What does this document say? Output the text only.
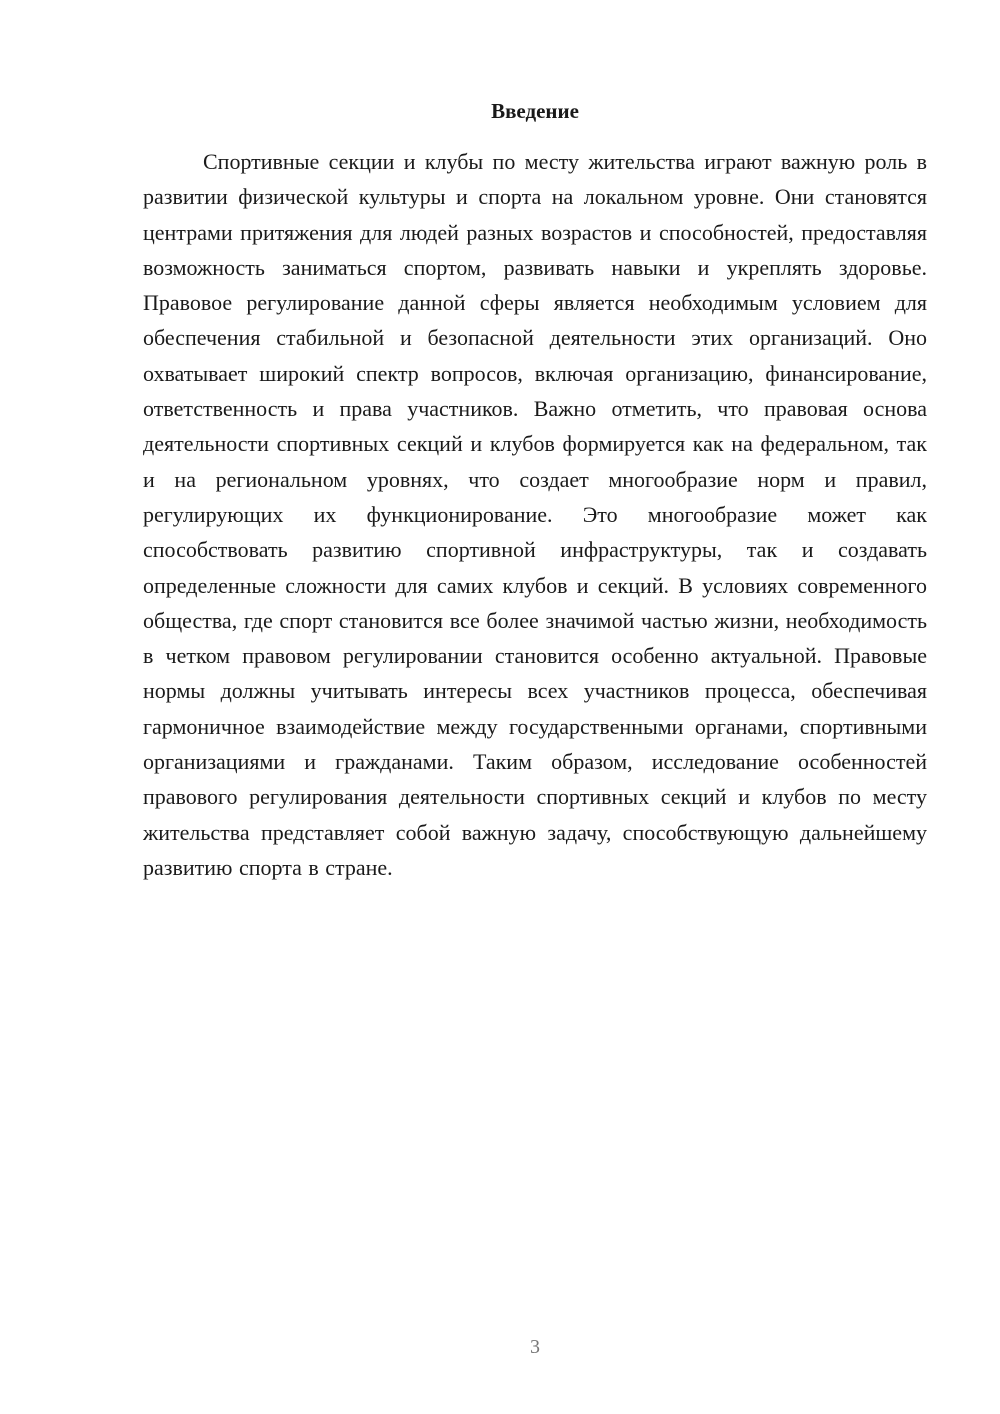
Введение

Спортивные секции и клубы по месту жительства играют важную роль в развитии физической культуры и спорта на локальном уровне. Они становятся центрами притяжения для людей разных возрастов и способностей, предоставляя возможность заниматься спортом, развивать навыки и укреплять здоровье. Правовое регулирование данной сферы является необходимым условием для обеспечения стабильной и безопасной деятельности этих организаций. Оно охватывает широкий спектр вопросов, включая организацию, финансирование, ответственность и права участников. Важно отметить, что правовая основа деятельности спортивных секций и клубов формируется как на федеральном, так и на региональном уровнях, что создает многообразие норм и правил, регулирующих их функционирование. Это многообразие может как способствовать развитию спортивной инфраструктуры, так и создавать определенные сложности для самих клубов и секций. В условиях современного общества, где спорт становится все более значимой частью жизни, необходимость в четком правовом регулировании становится особенно актуальной. Правовые нормы должны учитывать интересы всех участников процесса, обеспечивая гармоничное взаимодействие между государственными органами, спортивными организациями и гражданами. Таким образом, исследование особенностей правового регулирования деятельности спортивных секций и клубов по месту жительства представляет собой важную задачу, способствующую дальнейшему развитию спорта в стране.

3
